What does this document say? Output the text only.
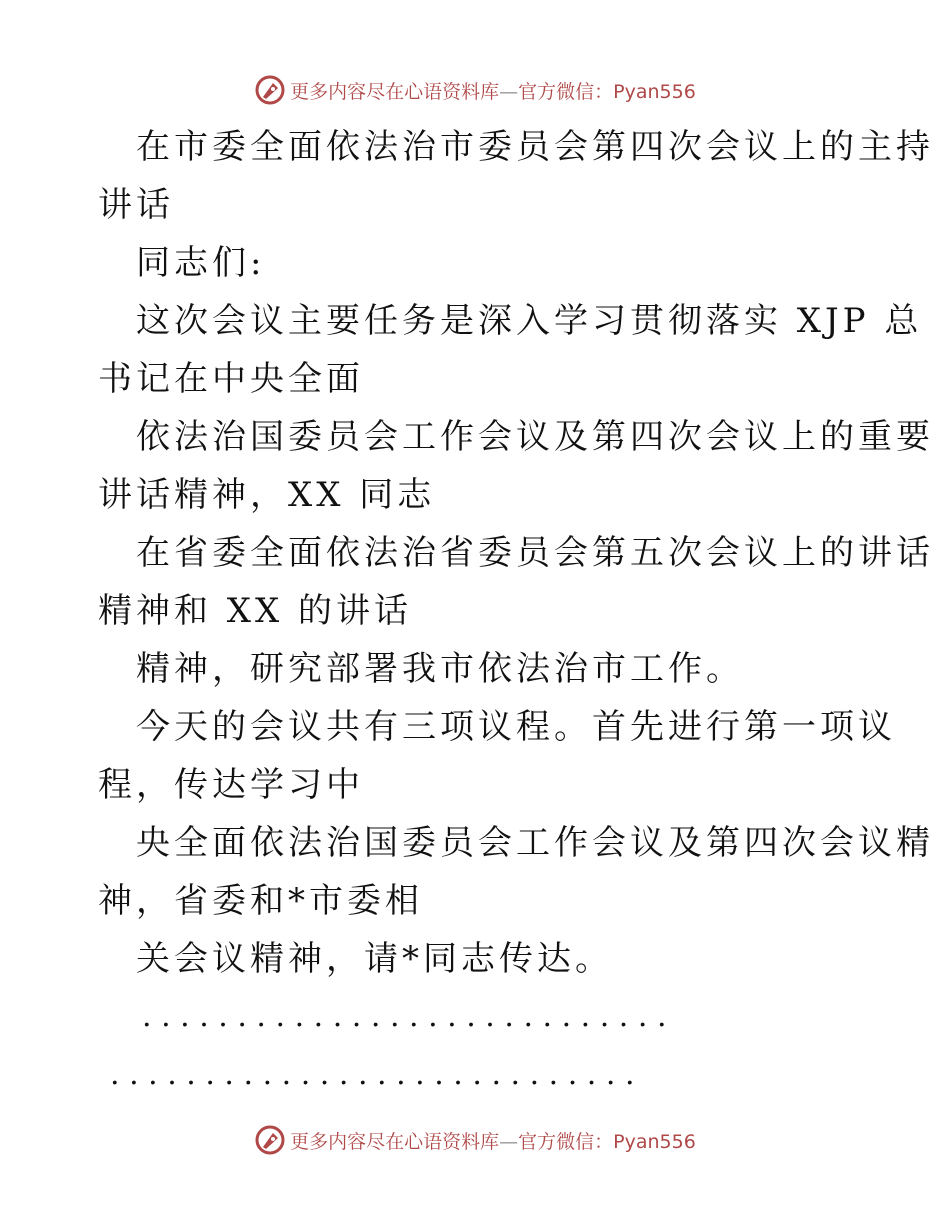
更多内容尽在心语资料库—官方微信：Pyan556
在市委全面依法治市委员会第四次会议上的主持
讲话
同志们:
这次会议主要任务是深入学习贯彻落实 XJP 总
书记在中央全面
依法治国委员会工作会议及第四次会议上的重要
讲话精神，XX 同志
在省委全面依法治省委员会第五次会议上的讲话
精神和 XX 的讲话
精神，研究部署我市依法治市工作。
今天的会议共有三项议程。首先进行第一项议
程，传达学习中
央全面依法治国委员会工作会议及第四次会议精
神，省委和*市委相
关会议精神，请*同志传达。
. . . . . . . . . . . . . . . . . . . . . . . . . . . .
. . . . . . . . . . . . . . . . . . . . . . . . . . . .
更多内容尽在心语资料库—官方微信：Pyan556
